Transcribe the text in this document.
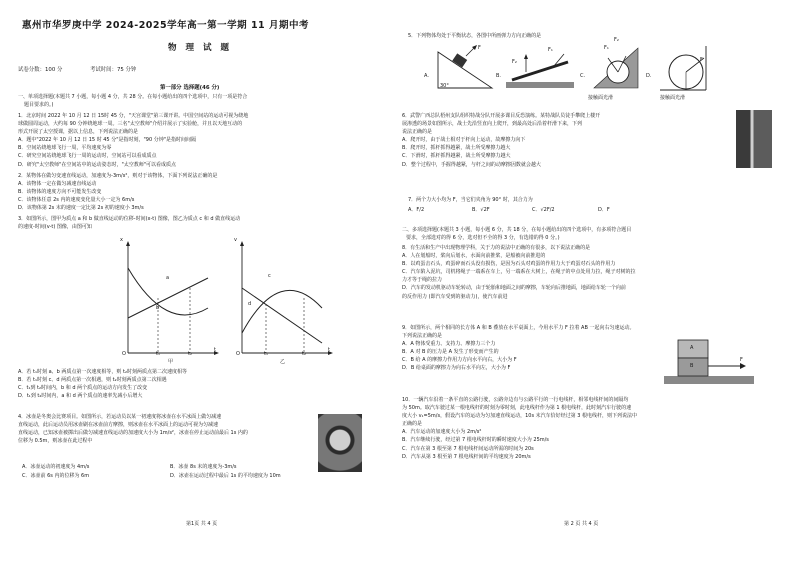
惠州市华罗庚中学 2024-2025学年高一第一学期 11 月期中考
物理试题
试卷分数：100 分	考试时间：75 分钟
第一部分 选择题(46 分)
一、单项选择题(本题共 7 小题，每小题 4 分，共 28 分。在每小题给出的四个选项中，只有一项是符合
题目要求的。)

1．北京时间 2022 年 10 月 12 日 15时 45 分，"天宫课堂"第三课开讲。中国空间站的运动可视为绕地

球做圆周运动，大约每 90 分钟绕地球一周。三名"太空教师"介绍并展示了实验舱，并且以天地互动的

形式开展了太空授课，据以上信息，下列说法正确的是

A．题中"2022 年 10 月 12 日 15 时 45 分"是指时刻，"90 分钟"是指时间间隔

B．空间站绕地球飞行一周，平均速度为零

C．研究空间站绕地球飞行一周的运动时，空间站可以看成质点

D．研究"太空教师"在空间站中的运动姿态时，"太空教师"可以看成质点

2．某物体在做匀变速直线运动，加速度为-3m/s²，则对于该物体，下面下列说法正确的是

A．该物体一定在做匀减速直线运动

B．该物体的速度方向不可能发生改变

C．该物体任意 2s 内的速度变化量大小一定为 6m/s

D．该物体第 2s 末的速度一定比第 2s 初的速度小 3m/s

3．如图所示，图甲为质点 a 和 b 做直线运动的位移-时间(x-t) 图像，图乙为质点 c 和 d 做直线运动

的速度-时间(v-t) 图像，由图可知

x
a
b
O	t₁	t₂
t
甲
v
c
d
O	t₁	t₂
t
乙

A．若 t₁时刻 a、b 两质点第一次速度相等，则 t₂时刻两质点第二次速度相等

B．若 t₁时刻 c、d 两质点第一次相遇，则 t₂时刻两质点第二次相遇

C．t₁到 t₂时间内，b 和 d 两个质点的运动方向发生了改变

D．t₁到 t₂时间内，a 和 d 两个质点的速率先减小后增大

4．冰壶是冬奥会比赛项目。如图所示，若运动员以某一初速度将冰壶在水平冰面上做匀减速

直线运动，此后运动员用冰壶刷在冰壶前方摩擦，则冰壶在水平冰面上的运动可视为匀减速

直线运动，已知冰壶被掷出后做匀减速直线运动的加速度大小为 1m/s²，冰壶在停止运动前最后 1s 内的

位移为 0.5m，则冰壶在此过程中

A．冰壶运动的初速度为 4m/s	B．冰壶 8s 末的速度为-3m/s
C．冰壶前 6s 内的位移为 6m	D．冰壶在运动过程中最后 1s 的平均速度为 10m
第1页 共 4 页
5．下列物体均处于平衡状态，各图中所画弹力方向正确的是
A.
F
30°
B.
F₁
F₂
C.
F₁
F₂
接触面光滑
D.
F
接触面光滑

6．武警广西总队梧州支队组织特战分队开展多课目反恐演练。某特战队员徒手攀爬上楼开

展渗透的场景如图所示，战士先沿竖直向上爬开，到最高处后沿着杆滑下来，下列

说法正确的是

A．爬开时，由于战士相对于杆向上运动，故摩擦力向下

B．爬开时，抓杆抓得越紧，战士所受摩擦力越大

C．下滑时，抓杆抓得越紧，战士所受摩擦力越大

D．整个过程中，手握得越紧，与杆之间的动摩擦因数就会越大

7．两个力大小均为 F，当它们夹角为 90° 时，其合力为
A．F/2	B．√2F	C．√2F/2	D．F
二、多项选择题(本题共 3 小题，每小题 6 分，共 18 分，在每小题给出的四个选项中，有多项符合题目
要求，全部选对的得 6 分，选对但不全的得 3 分，有选错的得 0 分。)

8．有生活和生产中出现物理学科，关于力的说法中正确的有很多，以下说法正确的是

A．人在划船时，桨向后划水，水面向前推桨，是船被向前推进的

B．以鸡蛋击石头，鸡蛋碎而石头没有损伤，是因为石头对鸡蛋的作用力大于鸡蛋对石头的作用力

C．汽车陷入泥坑，司机将绳子一端系在车上，另一端系在大树上，在绳子的中点处用力拉，绳子对树的拉

力才等于绳的拉力

D．汽车的发动机驱动车轮转动，由于轮胎和地面之间的摩擦，车轮向后推地面，地面给车轮一个向前

的反作用力 (即汽车受到的驱动力)，使汽车前进

9．如图所示，两个相同的长方体 A 和 B 叠放在水平桌面上，今用水平力 F 拉着 AB 一起向右匀速运动。

下列说法正确的是

A．A 物体受重力、支持力、摩擦力三个力

B．A 对 B 的压力是 A 发生了形变而产生的

C．B 给 A 的摩擦力作用力方向水平向右，大小为 F

D．B 给桌面的摩擦力为向右水平向左，大小为 F

A
B
F

10．一辆汽车沿着一条平直的公路行驶，公路旁边有与公路平行的一行电线杆，相邻电线杆间的间隔均

为 50m。取汽车驶过某一根电线杆的时刻为零时刻，此电线杆作为第 1 根电线杆，此时刻汽车行驶的速

度大小 v₁=5m/s，假设汽车的运动为匀加速直线运动，10s 末汽车恰好经过第 3 根电线杆，则下列说法中

正确的是

A．汽车运动的加速度大小为 2m/s²

B．汽车继续行驶，经过第 7 根电线杆时的瞬时速度大小为 25m/s

C．汽车在第 3 根至第 7 根电线杆间运动所需的时间为 20s

D．汽车从第 3 根至第 7 根电线杆间的平均速度为 20m/s

第 2 页 共 4 页
